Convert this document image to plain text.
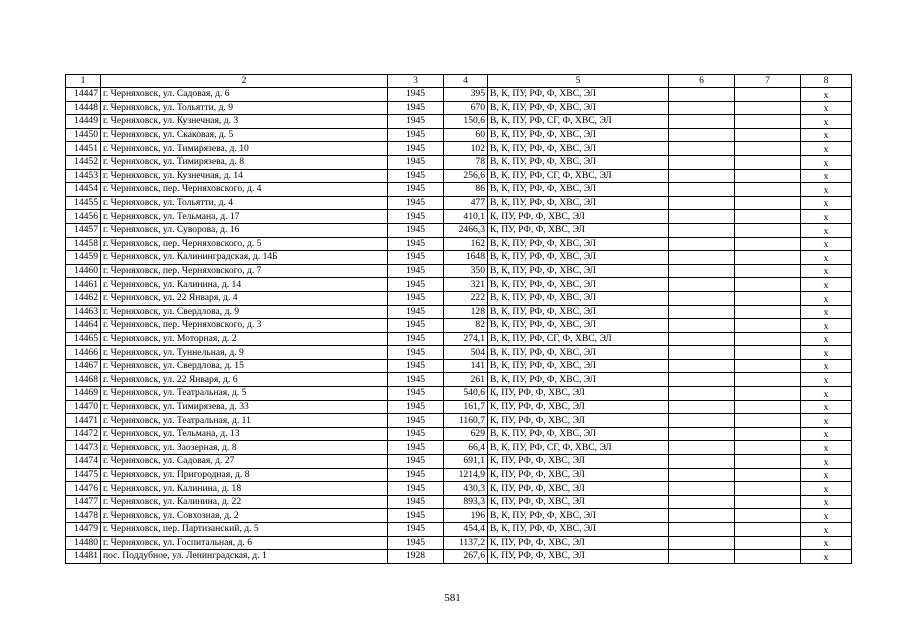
1	2	3	4	5	6	7	8
14447	г. Черняховск, ул. Садовая, д. 6	1945	395	В, К, ПУ, РФ, Ф, ХВС, ЭЛ			x
14448	г. Черняховск, ул. Тольятти, д. 9	1945	670	В, К, ПУ, РФ, Ф, ХВС, ЭЛ			x
14449	г. Черняховск, ул. Кузнечная, д. 3	1945	150,6	В, К, ПУ, РФ, СГ, Ф, ХВС, ЭЛ			x
14450	г. Черняховск, ул. Скаковая, д. 5	1945	60	В, К, ПУ, РФ, Ф, ХВС, ЭЛ			x
14451	г. Черняховск, ул. Тимирязева, д. 10	1945	102	В, К, ПУ, РФ, Ф, ХВС, ЭЛ			x
14452	г. Черняховск, ул. Тимирязева, д. 8	1945	78	В, К, ПУ, РФ, Ф, ХВС, ЭЛ			x
14453	г. Черняховск, ул. Кузнечная, д. 14	1945	256,6	В, К, ПУ, РФ, СГ, Ф, ХВС, ЭЛ			x
14454	г. Черняховск, пер. Черняховского, д. 4	1945	86	В, К, ПУ, РФ, Ф, ХВС, ЭЛ			x
14455	г. Черняховск, ул. Тольятти, д. 4	1945	477	В, К, ПУ, РФ, Ф, ХВС, ЭЛ			x
14456	г. Черняховск, ул. Тельмана, д. 17	1945	410,1	К, ПУ, РФ, Ф, ХВС, ЭЛ			x
14457	г. Черняховск, ул. Суворова, д. 16	1945	2466,3	К, ПУ, РФ, Ф, ХВС, ЭЛ			x
14458	г. Черняховск, пер. Черняховского, д. 5	1945	162	В, К, ПУ, РФ, Ф, ХВС, ЭЛ			x
14459	г. Черняховск, ул. Калининградская, д. 14Б	1945	1648	В, К, ПУ, РФ, Ф, ХВС, ЭЛ			x
14460	г. Черняховск, пер. Черняховского, д. 7	1945	350	В, К, ПУ, РФ, Ф, ХВС, ЭЛ			x
14461	г. Черняховск, ул. Калинина, д. 14	1945	321	В, К, ПУ, РФ, Ф, ХВС, ЭЛ			x
14462	г. Черняховск, ул. 22 Января, д. 4	1945	222	В, К, ПУ, РФ, Ф, ХВС, ЭЛ			x
14463	г. Черняховск, ул. Свердлова, д. 9	1945	128	В, К, ПУ, РФ, Ф, ХВС, ЭЛ			x
14464	г. Черняховск, пер. Черняховского, д. 3	1945	82	В, К, ПУ, РФ, Ф, ХВС, ЭЛ			x
14465	г. Черняховск, ул. Моторная, д. 2	1945	274,1	В, К, ПУ, РФ, СГ, Ф, ХВС, ЭЛ			x
14466	г. Черняховск, ул. Туннельная, д. 9	1945	504	В, К, ПУ, РФ, Ф, ХВС, ЭЛ			x
14467	г. Черняховск, ул. Свердлова, д. 15	1945	141	В, К, ПУ, РФ, Ф, ХВС, ЭЛ			x
14468	г. Черняховск, ул. 22 Января, д. 6	1945	261	В, К, ПУ, РФ, Ф, ХВС, ЭЛ			x
14469	г. Черняховск, ул. Театральная, д. 5	1945	540,6	К, ПУ, РФ, Ф, ХВС, ЭЛ			x
14470	г. Черняховск, ул. Тимирязева, д. 33	1945	161,7	К, ПУ, РФ, Ф, ХВС, ЭЛ			x
14471	г. Черняховск, ул. Театральная, д. 11	1945	1160,7	К, ПУ, РФ, Ф, ХВС, ЭЛ			x
14472	г. Черняховск, ул. Тельмана, д. 13	1945	629	В, К, ПУ, РФ, Ф, ХВС, ЭЛ			x
14473	г. Черняховск, ул. Заозерная, д. 8	1945	66,4	В, К, ПУ, РФ, СГ, Ф, ХВС, ЭЛ			x
14474	г. Черняховск, ул. Садовая, д. 27	1945	691,1	К, ПУ, РФ, Ф, ХВС, ЭЛ			x
14475	г. Черняховск, ул. Пригородная, д. 8	1945	1214,9	К, ПУ, РФ, Ф, ХВС, ЭЛ			x
14476	г. Черняховск, ул. Калинина, д. 18	1945	430,3	К, ПУ, РФ, Ф, ХВС, ЭЛ			x
14477	г. Черняховск, ул. Калинина, д. 22	1945	893,3	К, ПУ, РФ, Ф, ХВС, ЭЛ			x
14478	г. Черняховск, ул. Совхозная, д. 2	1945	196	В, К, ПУ, РФ, Ф, ХВС, ЭЛ			x
14479	г. Черняховск, пер. Партизанский, д. 5	1945	454,4	В, К, ПУ, РФ, Ф, ХВС, ЭЛ			x
14480	г. Черняховск, ул. Госпитальная, д. 6	1945	1137,2	К, ПУ, РФ, Ф, ХВС, ЭЛ			x
14481	пос. Поддубное, ул. Ленинградская, д. 1	1928	267,6	К, ПУ, РФ, Ф, ХВС, ЭЛ			x
581
